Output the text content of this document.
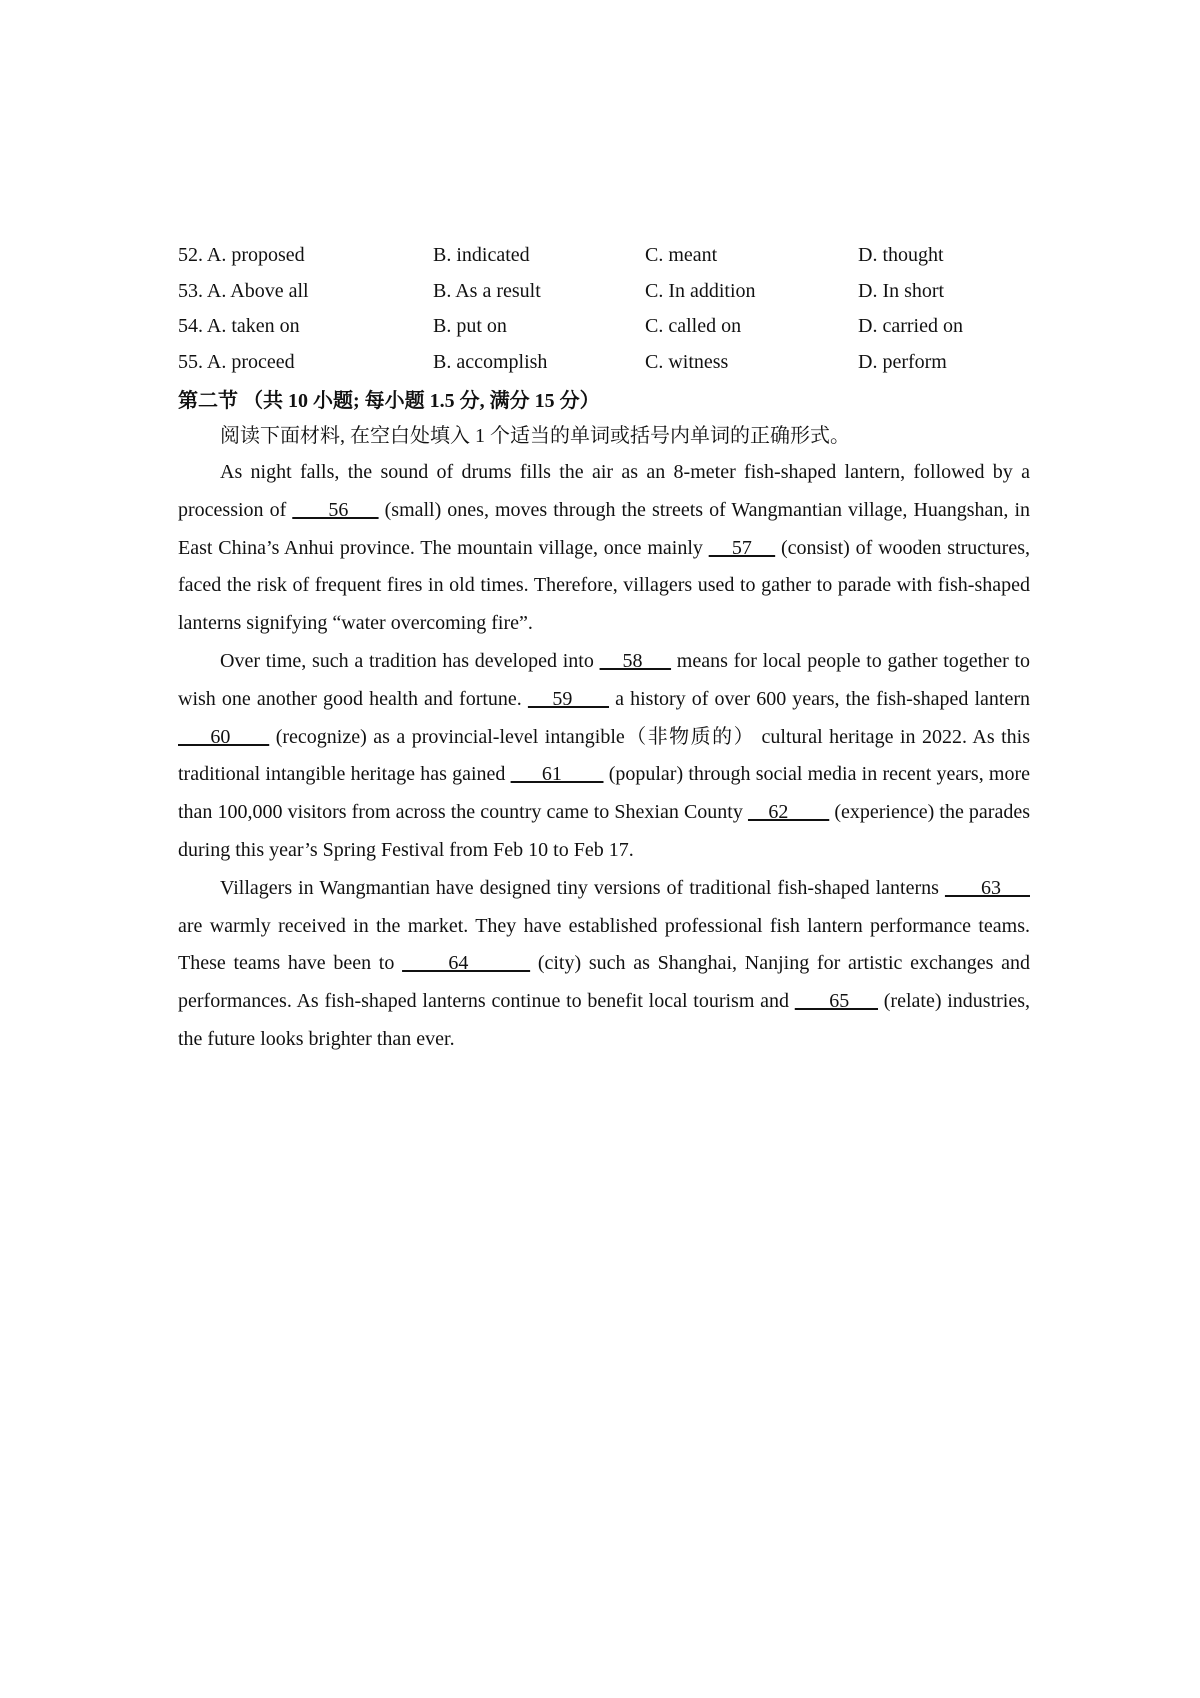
52. A. proposed	B. indicated	C. meant	D. thought
53. A. Above all	B. As a result	C. In addition	D. In short
54. A. taken on	B. put on	C. called on	D. carried on
55. A. proceed	B. accomplish	C. witness	D. perform
第二节 （共 10 小题; 每小题 1.5 分, 满分 15 分）
阅读下面材料, 在空白处填入 1 个适当的单词或括号内单词的正确形式。

As night falls, the sound of drums fills the air as an 8-meter fish-shaped lantern, followed by a procession of       56      (small) ones, moves through the streets of Wangmantian village, Huangshan, in East China’s Anhui province. The mountain village, once mainly     57     (consist) of wooden structures, faced the risk of frequent fires in old times. Therefore, villagers used to gather to parade with fish-shaped lanterns signifying “water overcoming fire”.

Over time, such a tradition has developed into     58      means for local people to gather together to wish one another good health and fortune.     59       a history of over 600 years, the fish-shaped lantern      60       (recognize) as a provincial-level intangible（非物质的） cultural heritage in 2022. As this traditional intangible heritage has gained       61         (popular) through social media in recent years, more than 100,000 visitors from across the country came to Shexian County     62         (experience) the parades during this year’s Spring Festival from Feb 10 to Feb 17.

Villagers in Wangmantian have designed tiny versions of traditional fish-shaped lanterns       63      are warmly received in the market. They have established professional fish lantern performance teams. These teams have been to       64         (city) such as Shanghai, Nanjing for artistic exchanges and performances. As fish-shaped lanterns continue to benefit local tourism and       65      (relate) industries, the future looks brighter than ever.
